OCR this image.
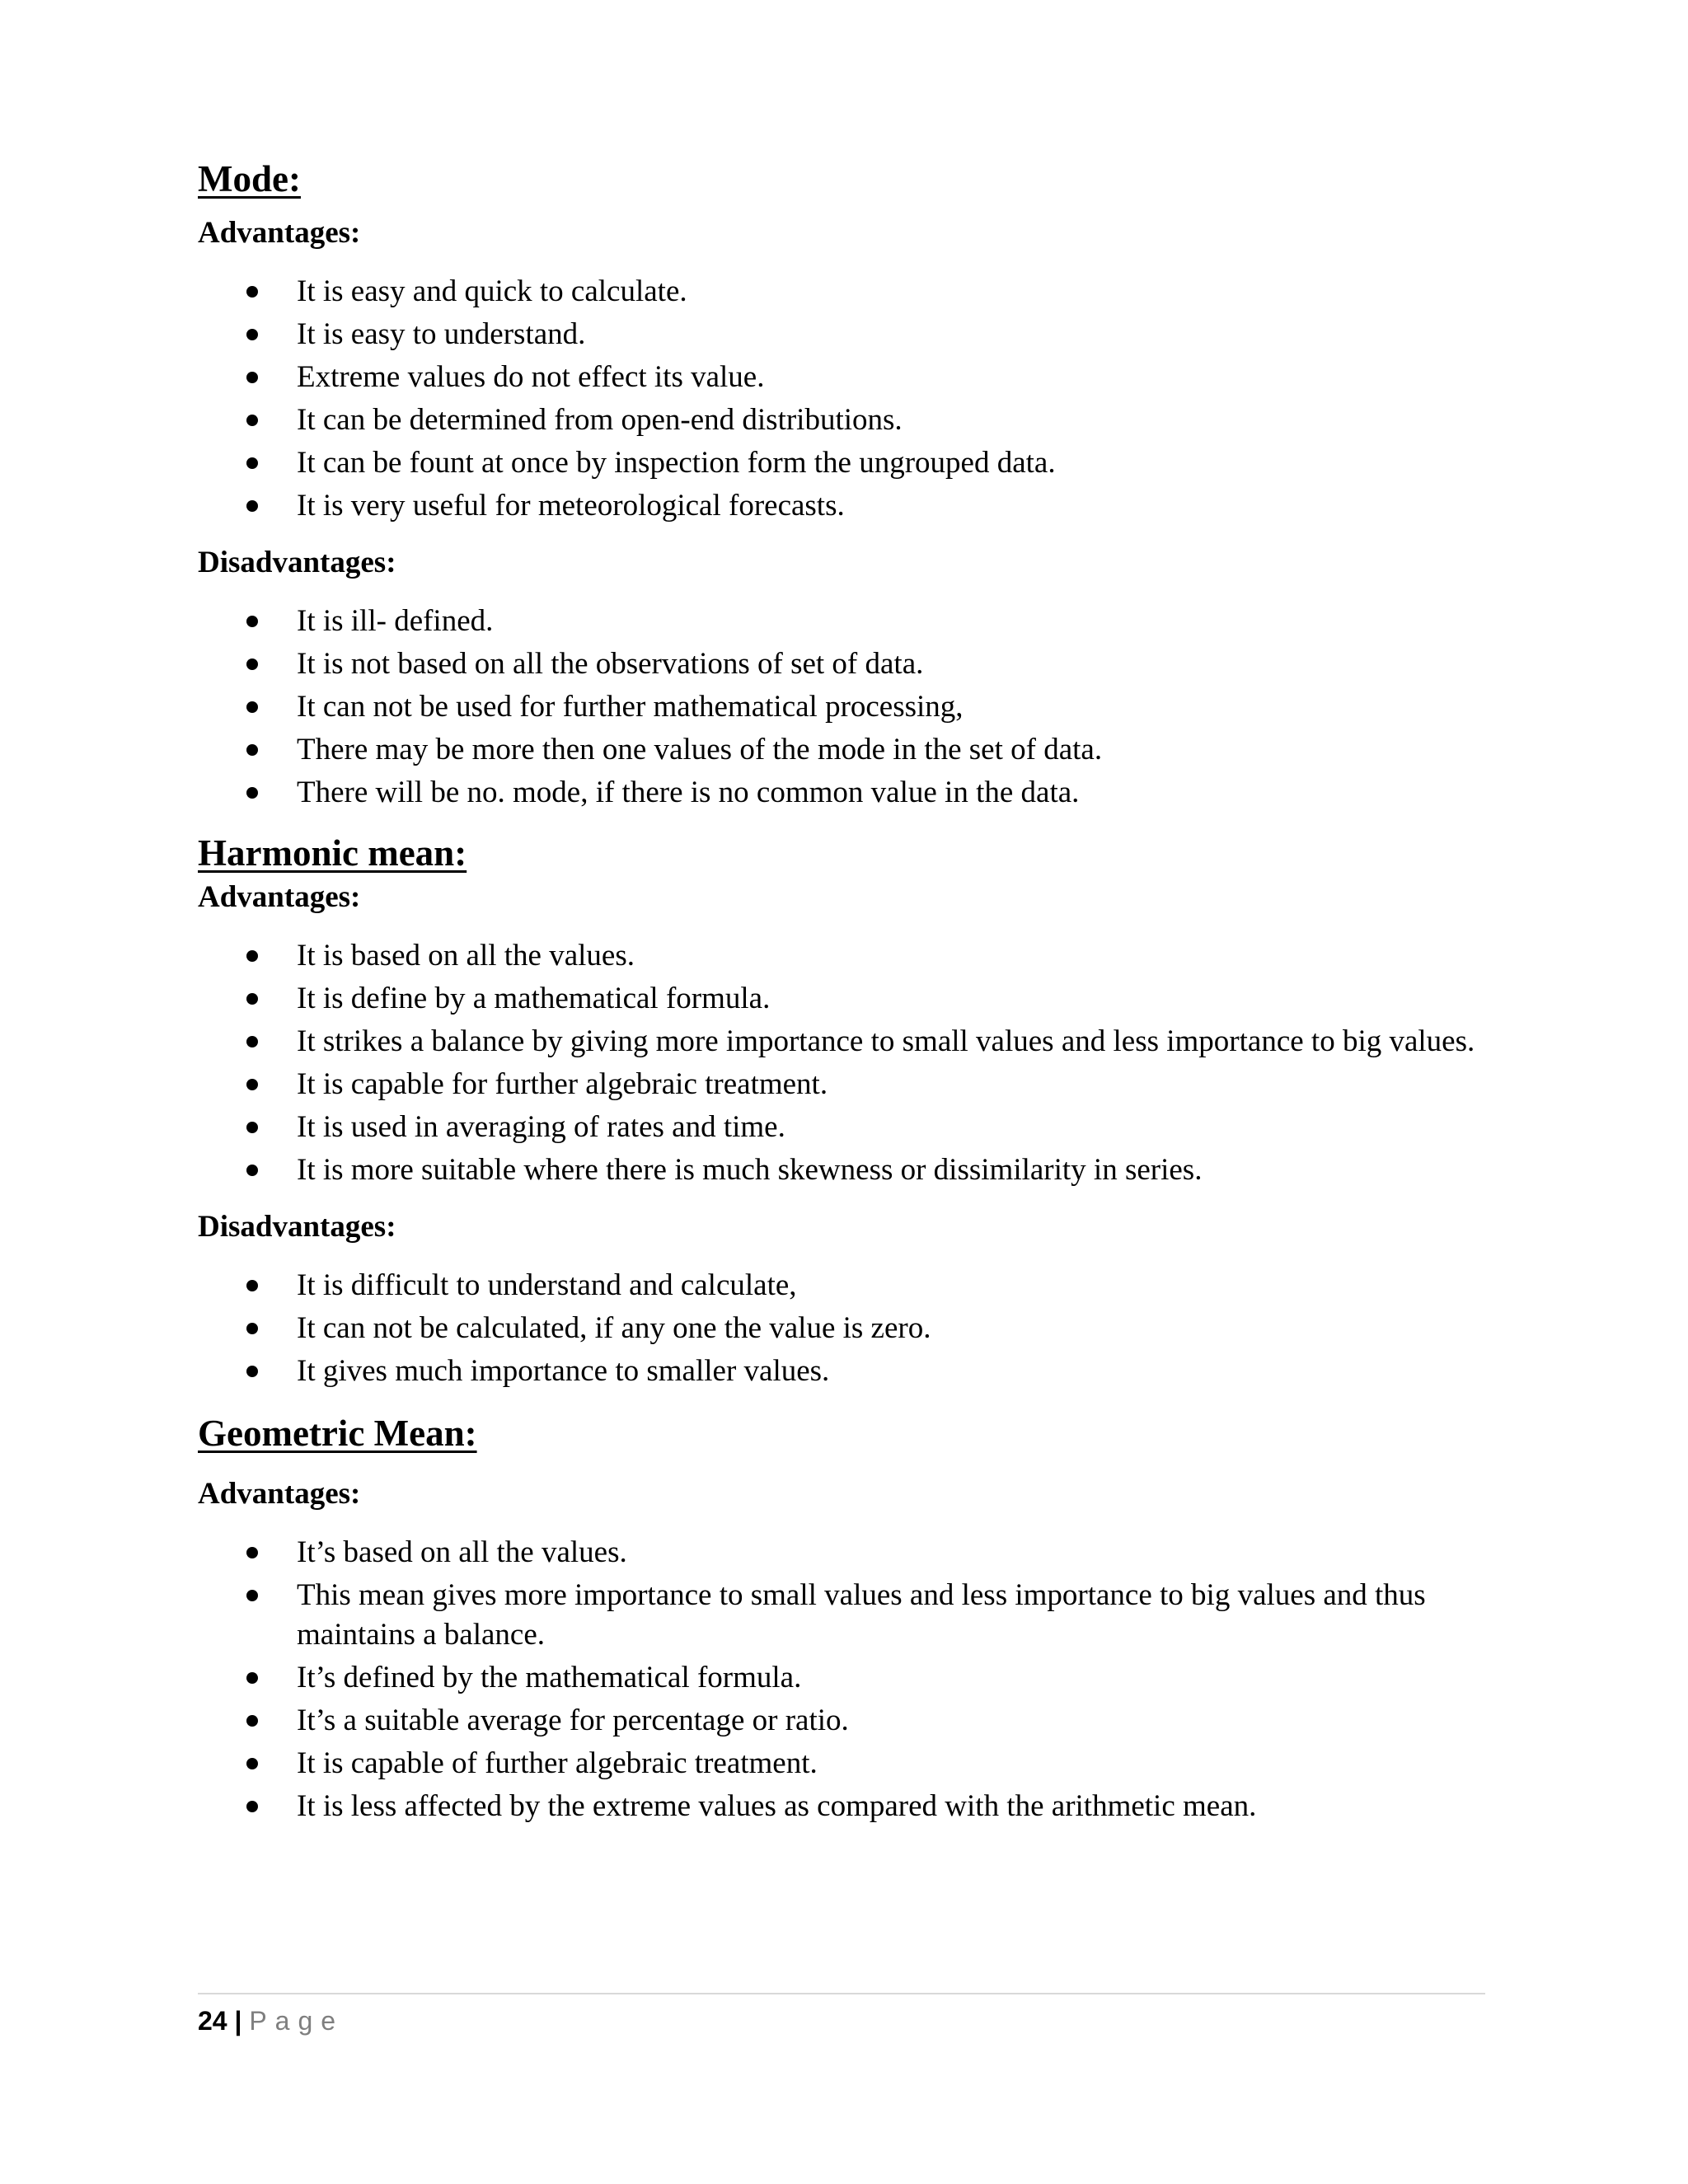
Mode:

Advantages:

It is easy and quick to calculate.
It is easy to understand.
Extreme values do not effect its value.
It can be determined from open-end distributions.
It can be fount at once by inspection form the ungrouped data.
It is very useful for meteorological forecasts.

Disadvantages:

It is ill- defined.
It is not based on all the observations of set of data.
It can not be used for further mathematical processing,
There may be more then one values of the mode in the set of data.
There will be no. mode, if there is no common value in the data.
Harmonic mean:

Advantages:

It is based on all the values.
It is define by a mathematical formula.
It strikes a balance by giving more importance to small values and less importance to big values.
It is capable for further algebraic treatment.
It is used in averaging of rates and time.
It is more suitable where there is much skewness or dissimilarity in series.

Disadvantages:

It is difficult to understand and calculate,
It can not be calculated, if any one the value is zero.
It gives much importance to smaller values.
Geometric Mean:

Advantages:

It’s based on all the values.
This mean gives more importance to small values and less importance to big values and thus maintains a balance.
It’s defined by the mathematical formula.
It’s a suitable average for percentage or ratio.
It is capable of further algebraic treatment.
It is less affected by the extreme values as compared with the arithmetic mean.
24 | Page
